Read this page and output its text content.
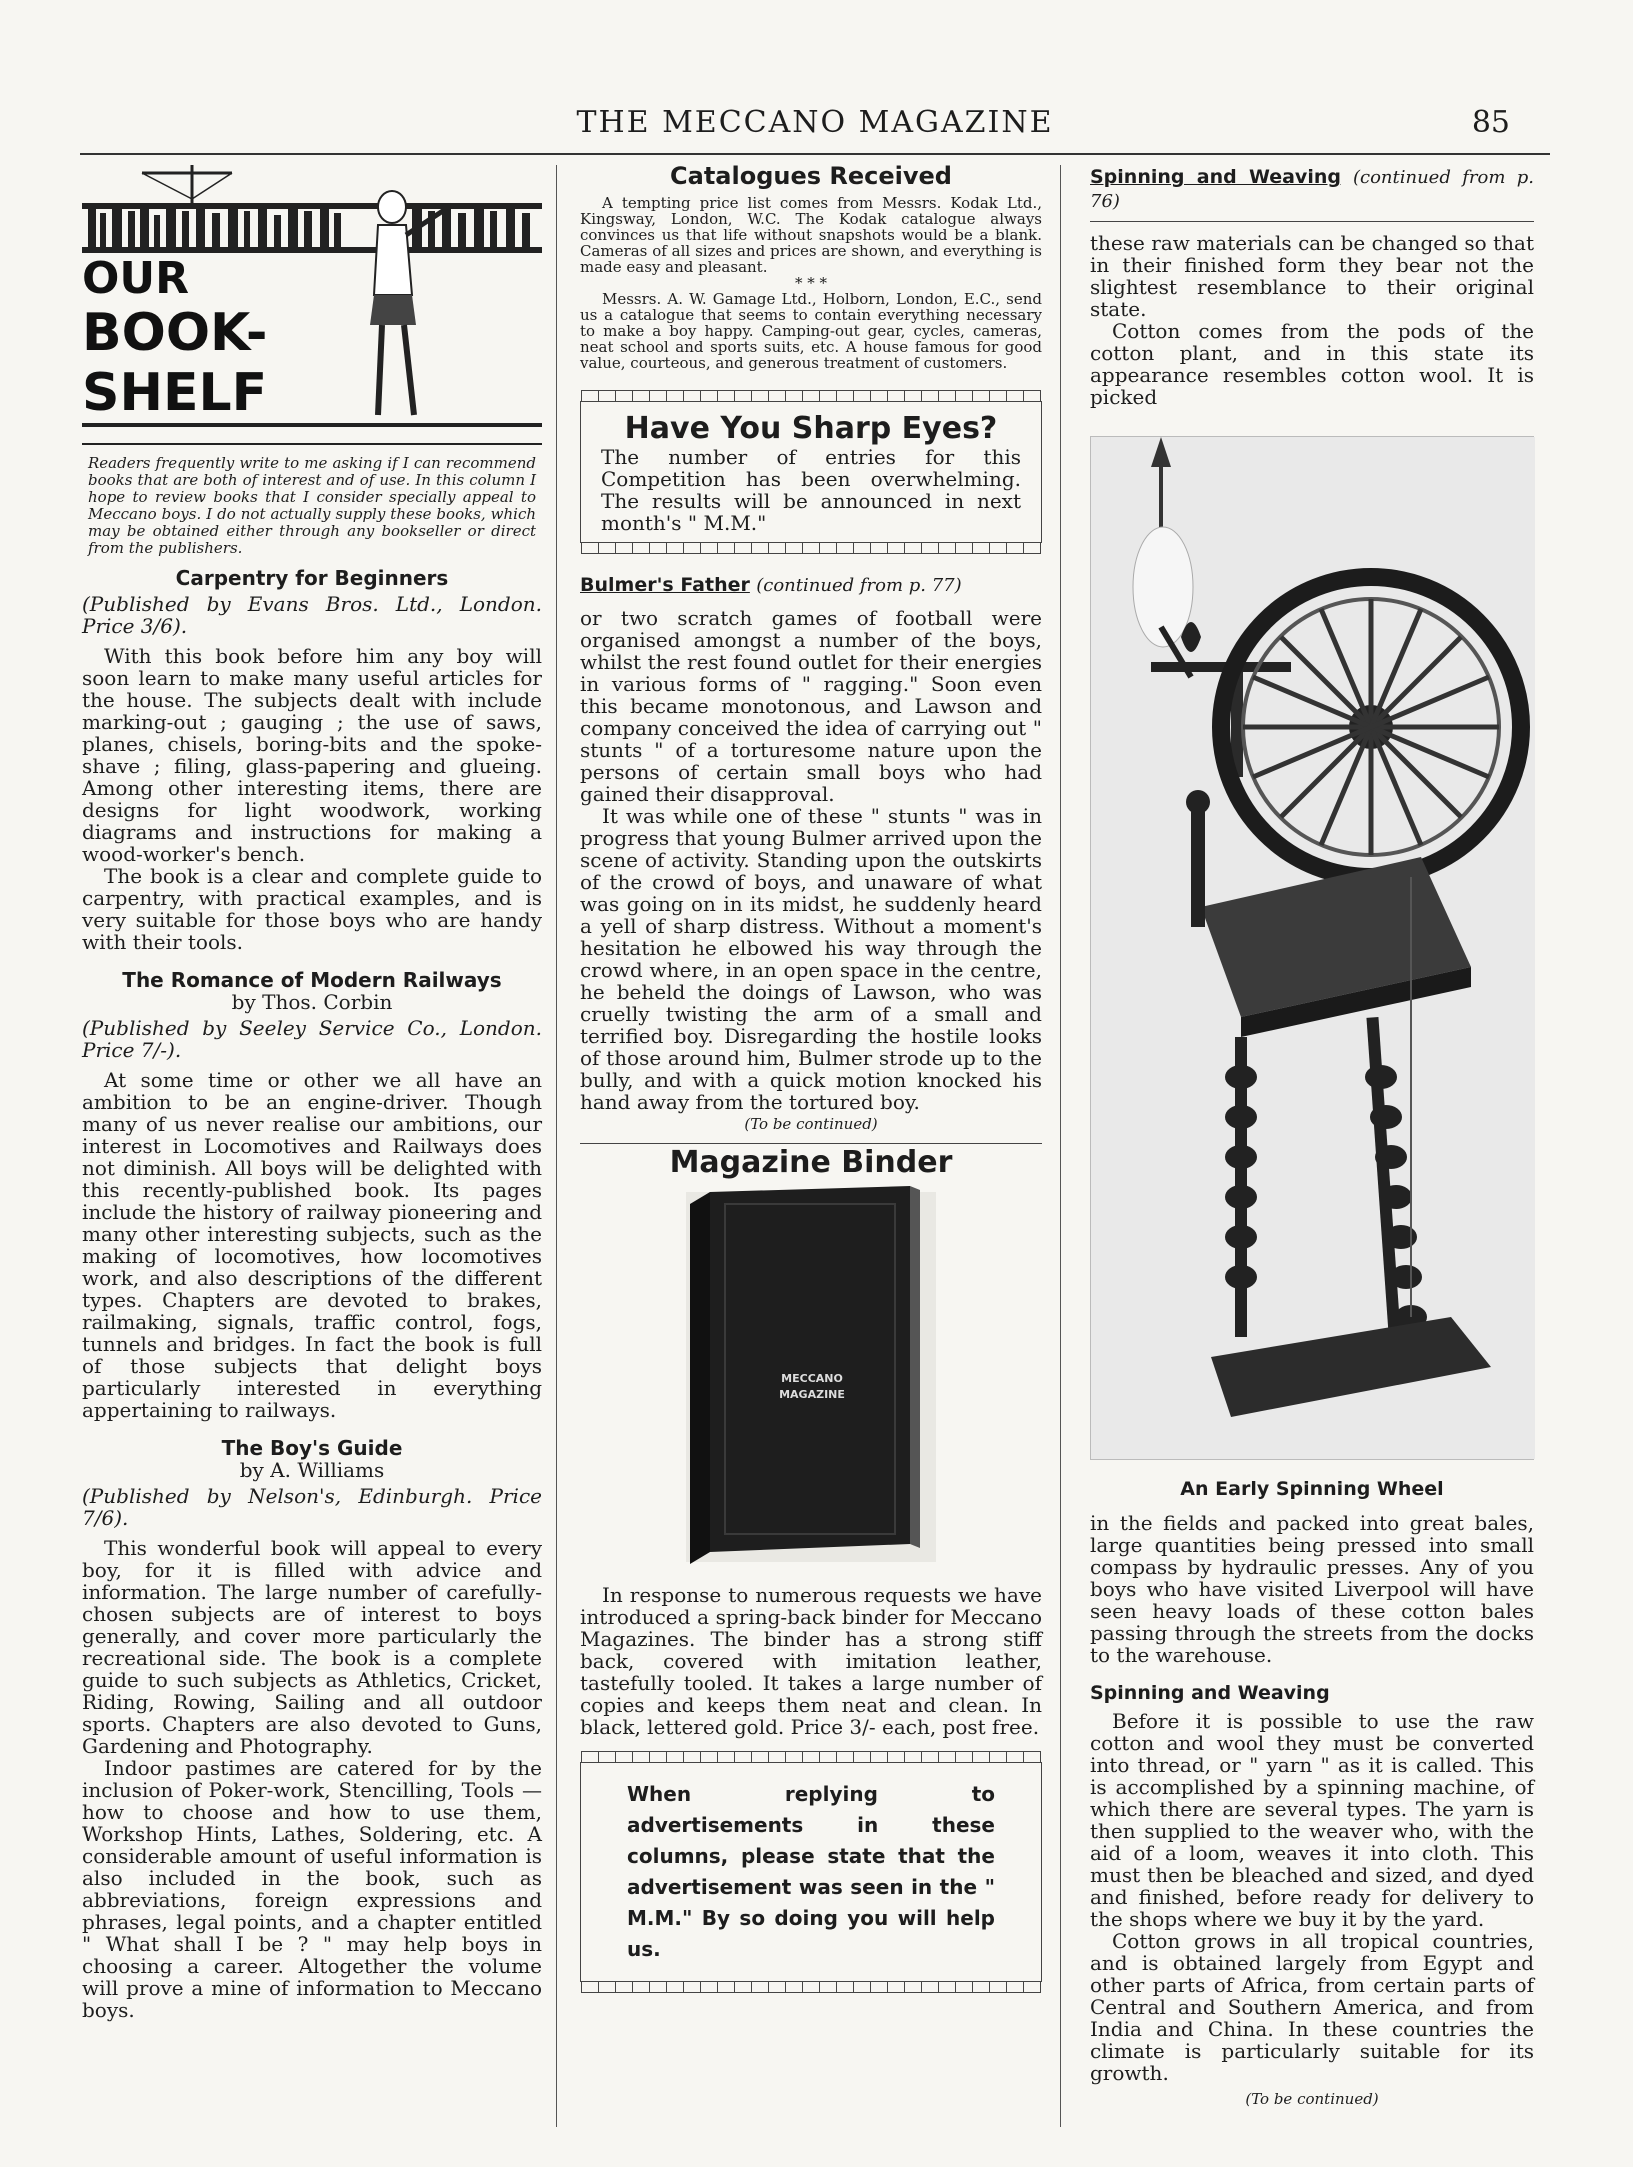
THE MECCANO MAGAZINE	85
OUR
BOOK-
SHELF

Readers frequently write to me asking if I can recommend books that are both of interest and of use. In this column I hope to review books that I consider specially appeal to Meccano boys. I do not actually supply these books, which may be obtained either through any bookseller or direct from the publishers.

Carpentry for Beginners

(Published by Evans Bros. Ltd., London. Price 3/6).

With this book before him any boy will soon learn to make many useful articles for the house. The subjects dealt with include marking-out ; gauging ; the use of saws, planes, chisels, boring-bits and the spoke-shave ; filing, glass-papering and glueing. Among other interesting items, there are designs for light woodwork, working diagrams and instructions for making a wood-worker's bench.

The book is a clear and complete guide to carpentry, with practical examples, and is very suitable for those boys who are handy with their tools.

The Romance of Modern Railways
by Thos. Corbin

(Published by Seeley Service Co., London. Price 7/-).

At some time or other we all have an ambition to be an engine-driver. Though many of us never realise our ambitions, our interest in Locomotives and Railways does not diminish. All boys will be delighted with this recently-published book. Its pages include the history of railway pioneering and many other interesting subjects, such as the making of locomotives, how locomotives work, and also descriptions of the different types. Chapters are devoted to brakes, railmaking, signals, traffic control, fogs, tunnels and bridges. In fact the book is full of those subjects that delight boys particularly interested in everything appertaining to railways.

The Boy's Guide
by A. Williams

(Published by Nelson's, Edinburgh. Price 7/6).

This wonderful book will appeal to every boy, for it is filled with advice and information. The large number of carefully-chosen subjects are of interest to boys generally, and cover more particularly the recreational side. The book is a complete guide to such subjects as Athletics, Cricket, Riding, Rowing, Sailing and all outdoor sports. Chapters are also devoted to Guns, Gardening and Photography.

Indoor pastimes are catered for by the inclusion of Poker-work, Stencilling, Tools —how to choose and how to use them, Workshop Hints, Lathes, Soldering, etc. A considerable amount of useful information is also included in the book, such as abbreviations, foreign expressions and phrases, legal points, and a chapter entitled " What shall I be ? " may help boys in choosing a career. Altogether the volume will prove a mine of information to Meccano boys.

Catalogues Received

A tempting price list comes from Messrs. Kodak Ltd., Kingsway, London, W.C. The Kodak catalogue always convinces us that life without snapshots would be a blank. Cameras of all sizes and prices are shown, and everything is made easy and pleasant.

* * *

Messrs. A. W. Gamage Ltd., Holborn, London, E.C., send us a catalogue that seems to contain everything necessary to make a boy happy. Camping-out gear, cycles, cameras, neat school and sports suits, etc. A house famous for good value, courteous, and generous treatment of customers.

Have You Sharp Eyes?

The number of entries for this Competition has been overwhelming. The results will be announced in next month's " M.M."

Bulmer's Father (continued from p. 77)

or two scratch games of football were organised amongst a number of the boys, whilst the rest found outlet for their energies in various forms of " ragging." Soon even this became monotonous, and Lawson and company conceived the idea of carrying out " stunts " of a torturesome nature upon the persons of certain small boys who had gained their disapproval.

It was while one of these " stunts " was in progress that young Bulmer arrived upon the scene of activity. Standing upon the outskirts of the crowd of boys, and unaware of what was going on in its midst, he suddenly heard a yell of sharp distress. Without a moment's hesitation he elbowed his way through the crowd where, in an open space in the centre, he beheld the doings of Lawson, who was cruelly twisting the arm of a small and terrified boy. Disregarding the hostile looks of those around him, Bulmer strode up to the bully, and with a quick motion knocked his hand away from the tortured boy.

(To be continued)
Magazine Binder
MECCANO
MAGAZINE

In response to numerous requests we have introduced a spring-back binder for Meccano Magazines. The binder has a strong stiff back, covered with imitation leather, tastefully tooled. It takes a large number of copies and keeps them neat and clean. In black, lettered gold. Price 3/- each, post free.

When replying to advertisements in these columns, please state that the advertisement was seen in the " M.M." By so doing you will help us.
Spinning and Weaving (continued from p. 76)

these raw materials can be changed so that in their finished form they bear not the slightest resemblance to their original state.

Cotton comes from the pods of the cotton plant, and in this state its appearance resembles cotton wool. It is picked

An Early Spinning Wheel

in the fields and packed into great bales, large quantities being pressed into small compass by hydraulic presses. Any of you boys who have visited Liverpool will have seen heavy loads of these cotton bales passing through the streets from the docks to the warehouse.

Spinning and Weaving

Before it is possible to use the raw cotton and wool they must be converted into thread, or " yarn " as it is called. This is accomplished by a spinning machine, of which there are several types. The yarn is then supplied to the weaver who, with the aid of a loom, weaves it into cloth. This must then be bleached and sized, and dyed and finished, before ready for delivery to the shops where we buy it by the yard.

Cotton grows in all tropical countries, and is obtained largely from Egypt and other parts of Africa, from certain parts of Central and Southern America, and from India and China. In these countries the climate is particularly suitable for its growth.

(To be continued)
